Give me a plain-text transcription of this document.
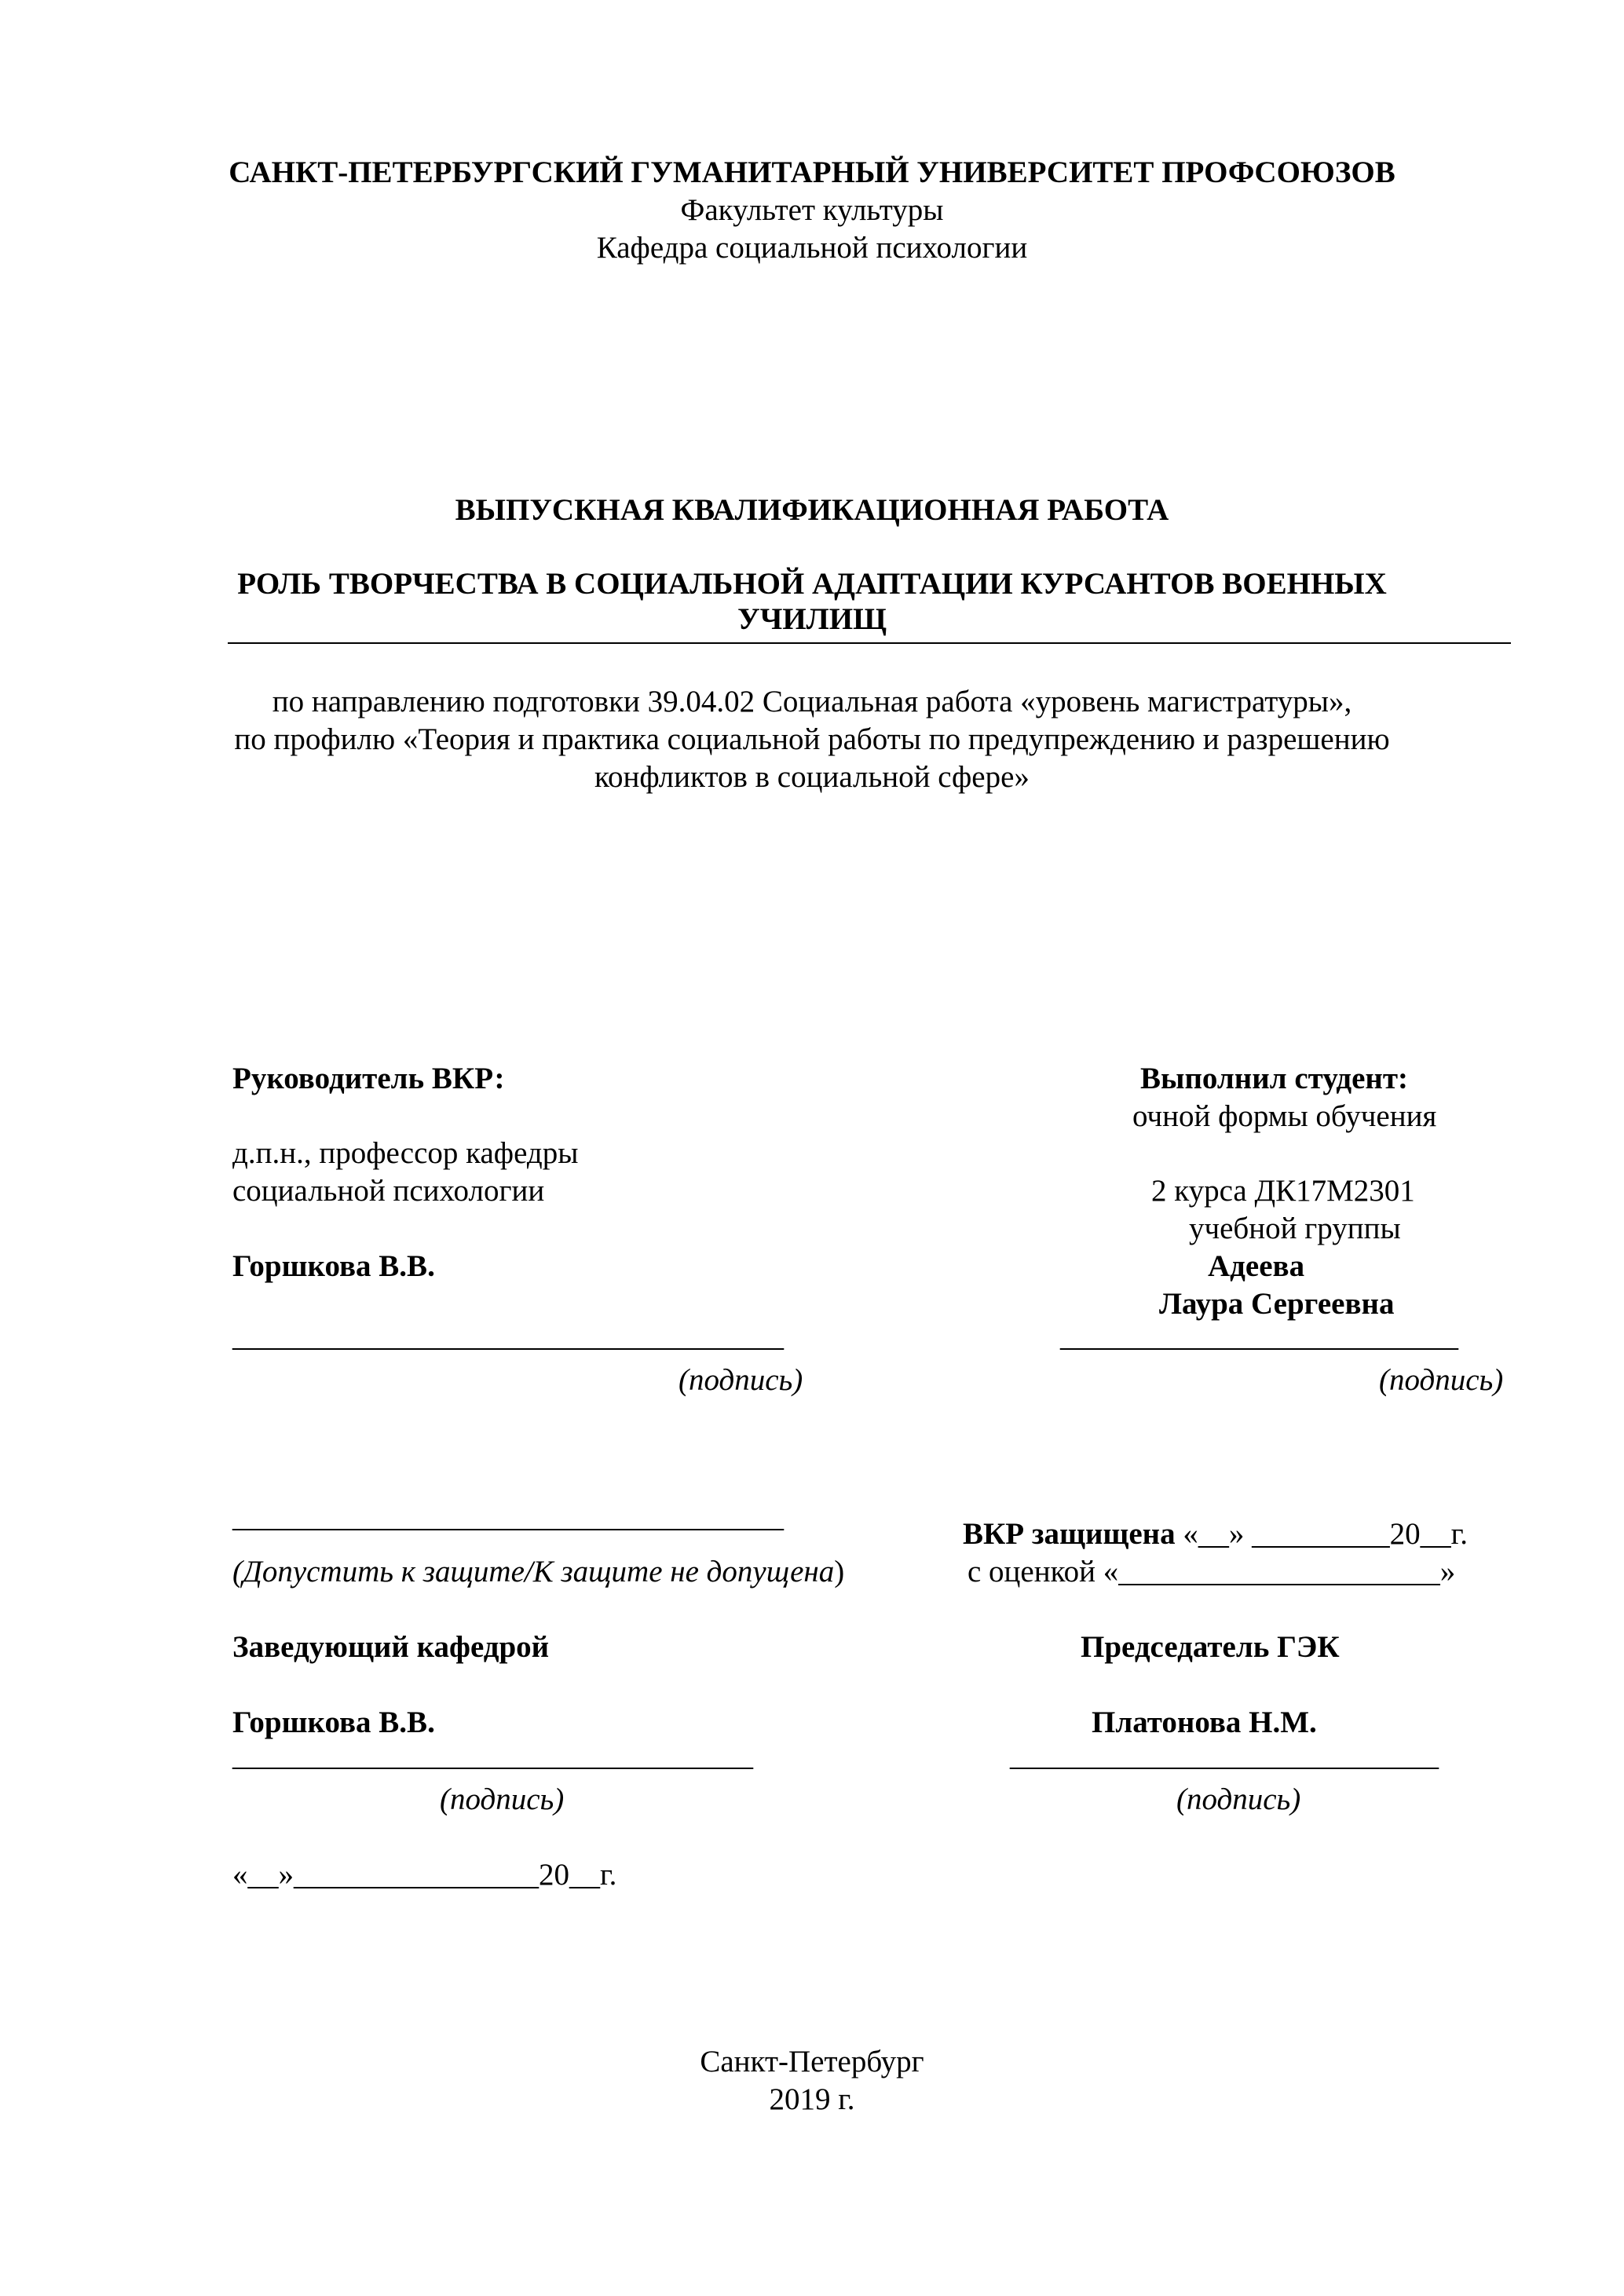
САНКТ-ПЕТЕРБУРГСКИЙ ГУМАНИТАРНЫЙ УНИВЕРСИТЕТ ПРОФСОЮЗОВ
Факультет культуры
Кафедра социальной психологии
ВЫПУСКНАЯ КВАЛИФИКАЦИОННАЯ РАБОТА
РОЛЬ ТВОРЧЕСТВА В СОЦИАЛЬНОЙ АДАПТАЦИИ КУРСАНТОВ ВОЕННЫХ
УЧИЛИЩ
по направлению подготовки 39.04.02 Социальная работа «уровень магистратуры»,
по профилю «Теория и практика социальной работы по предупреждению и разрешению
конфликтов в социальной сфере»
Руководитель ВКР:
д.п.н., профессор кафедры
социальной психологии
Горшкова В.В.
____________________________________
(подпись)
Выполнил студент:
очной формы обучения
2 курса ДК17М2301
учебной группы
Адеева
Лаура Сергеевна
__________________________
(подпись)
____________________________________
(Допустить к защите/К защите не допущена)
ВКР защищена «__» _________20__г.
с оценкой «_____________________»
Заведующий кафедрой
Горшкова В.В.
__________________________________
(подпись)
«__»________________20__г.
Председатель ГЭК
Платонова Н.М.
____________________________
(подпись)
Санкт-Петербург
2019 г.
